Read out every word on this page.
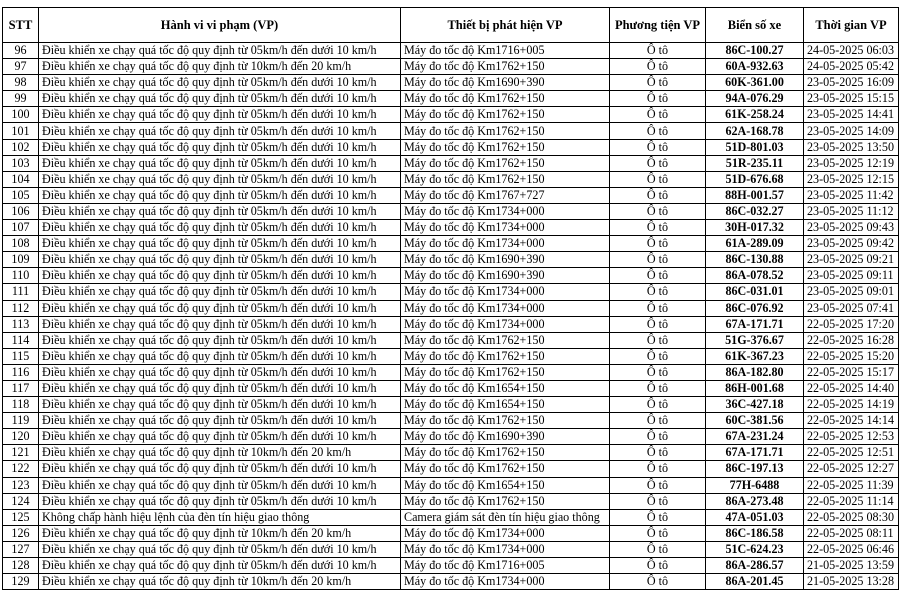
STT	Hành vi vi phạm (VP)	Thiết bị phát hiện VP	Phương tiện VP	Biển số xe	Thời gian VP
96	Điều khiển xe chạy quá tốc độ quy định từ 05km/h đến dưới 10 km/h	Máy đo tốc độ Km1716+005	Ô tô	86C-100.27	24-05-2025 06:03
97	Điều khiển xe chạy quá tốc độ quy định từ 10km/h đến 20 km/h	Máy đo tốc độ Km1762+150	Ô tô	60A-932.63	24-05-2025 05:42
98	Điều khiển xe chạy quá tốc độ quy định từ 05km/h đến dưới 10 km/h	Máy đo tốc độ Km1690+390	Ô tô	60K-361.00	23-05-2025 16:09
99	Điều khiển xe chạy quá tốc độ quy định từ 05km/h đến dưới 10 km/h	Máy đo tốc độ Km1762+150	Ô tô	94A-076.29	23-05-2025 15:15
100	Điều khiển xe chạy quá tốc độ quy định từ 05km/h đến dưới 10 km/h	Máy đo tốc độ Km1762+150	Ô tô	61K-258.24	23-05-2025 14:41
101	Điều khiển xe chạy quá tốc độ quy định từ 05km/h đến dưới 10 km/h	Máy đo tốc độ Km1762+150	Ô tô	62A-168.78	23-05-2025 14:09
102	Điều khiển xe chạy quá tốc độ quy định từ 05km/h đến dưới 10 km/h	Máy đo tốc độ Km1762+150	Ô tô	51D-801.03	23-05-2025 13:50
103	Điều khiển xe chạy quá tốc độ quy định từ 05km/h đến dưới 10 km/h	Máy đo tốc độ Km1762+150	Ô tô	51R-235.11	23-05-2025 12:19
104	Điều khiển xe chạy quá tốc độ quy định từ 05km/h đến dưới 10 km/h	Máy đo tốc độ Km1762+150	Ô tô	51D-676.68	23-05-2025 12:15
105	Điều khiển xe chạy quá tốc độ quy định từ 05km/h đến dưới 10 km/h	Máy đo tốc độ Km1767+727	Ô tô	88H-001.57	23-05-2025 11:42
106	Điều khiển xe chạy quá tốc độ quy định từ 05km/h đến dưới 10 km/h	Máy đo tốc độ Km1734+000	Ô tô	86C-032.27	23-05-2025 11:12
107	Điều khiển xe chạy quá tốc độ quy định từ 05km/h đến dưới 10 km/h	Máy đo tốc độ Km1734+000	Ô tô	30H-017.32	23-05-2025 09:43
108	Điều khiển xe chạy quá tốc độ quy định từ 05km/h đến dưới 10 km/h	Máy đo tốc độ Km1734+000	Ô tô	61A-289.09	23-05-2025 09:42
109	Điều khiển xe chạy quá tốc độ quy định từ 05km/h đến dưới 10 km/h	Máy đo tốc độ Km1690+390	Ô tô	86C-130.88	23-05-2025 09:21
110	Điều khiển xe chạy quá tốc độ quy định từ 05km/h đến dưới 10 km/h	Máy đo tốc độ Km1690+390	Ô tô	86A-078.52	23-05-2025 09:11
111	Điều khiển xe chạy quá tốc độ quy định từ 05km/h đến dưới 10 km/h	Máy đo tốc độ Km1734+000	Ô tô	86C-031.01	23-05-2025 09:01
112	Điều khiển xe chạy quá tốc độ quy định từ 05km/h đến dưới 10 km/h	Máy đo tốc độ Km1734+000	Ô tô	86C-076.92	23-05-2025 07:41
113	Điều khiển xe chạy quá tốc độ quy định từ 05km/h đến dưới 10 km/h	Máy đo tốc độ Km1734+000	Ô tô	67A-171.71	22-05-2025 17:20
114	Điều khiển xe chạy quá tốc độ quy định từ 05km/h đến dưới 10 km/h	Máy đo tốc độ Km1762+150	Ô tô	51G-376.67	22-05-2025 16:28
115	Điều khiển xe chạy quá tốc độ quy định từ 05km/h đến dưới 10 km/h	Máy đo tốc độ Km1762+150	Ô tô	61K-367.23	22-05-2025 15:20
116	Điều khiển xe chạy quá tốc độ quy định từ 05km/h đến dưới 10 km/h	Máy đo tốc độ Km1762+150	Ô tô	86A-182.80	22-05-2025 15:17
117	Điều khiển xe chạy quá tốc độ quy định từ 05km/h đến dưới 10 km/h	Máy đo tốc độ Km1654+150	Ô tô	86H-001.68	22-05-2025 14:40
118	Điều khiển xe chạy quá tốc độ quy định từ 05km/h đến dưới 10 km/h	Máy đo tốc độ Km1654+150	Ô tô	36C-427.18	22-05-2025 14:19
119	Điều khiển xe chạy quá tốc độ quy định từ 05km/h đến dưới 10 km/h	Máy đo tốc độ Km1762+150	Ô tô	60C-381.56	22-05-2025 14:14
120	Điều khiển xe chạy quá tốc độ quy định từ 05km/h đến dưới 10 km/h	Máy đo tốc độ Km1690+390	Ô tô	67A-231.24	22-05-2025 12:53
121	Điều khiển xe chạy quá tốc độ quy định từ 10km/h đến 20 km/h	Máy đo tốc độ Km1762+150	Ô tô	67A-171.71	22-05-2025 12:51
122	Điều khiển xe chạy quá tốc độ quy định từ 05km/h đến dưới 10 km/h	Máy đo tốc độ Km1762+150	Ô tô	86C-197.13	22-05-2025 12:27
123	Điều khiển xe chạy quá tốc độ quy định từ 05km/h đến dưới 10 km/h	Máy đo tốc độ Km1654+150	Ô tô	77H-6488	22-05-2025 11:39
124	Điều khiển xe chạy quá tốc độ quy định từ 05km/h đến dưới 10 km/h	Máy đo tốc độ Km1762+150	Ô tô	86A-273.48	22-05-2025 11:14
125	Không chấp hành hiệu lệnh của đèn tín hiệu giao thông	Camera giám sát đèn tín hiệu giao thông	Ô tô	47A-051.03	22-05-2025 08:30
126	Điều khiển xe chạy quá tốc độ quy định từ 10km/h đến 20 km/h	Máy đo tốc độ Km1734+000	Ô tô	86C-186.58	22-05-2025 08:11
127	Điều khiển xe chạy quá tốc độ quy định từ 05km/h đến dưới 10 km/h	Máy đo tốc độ Km1734+000	Ô tô	51C-624.23	22-05-2025 06:46
128	Điều khiển xe chạy quá tốc độ quy định từ 05km/h đến dưới 10 km/h	Máy đo tốc độ Km1716+005	Ô tô	86A-286.57	21-05-2025 13:59
129	Điều khiển xe chạy quá tốc độ quy định từ 10km/h đến 20 km/h	Máy đo tốc độ Km1734+000	Ô tô	86A-201.45	21-05-2025 13:28
